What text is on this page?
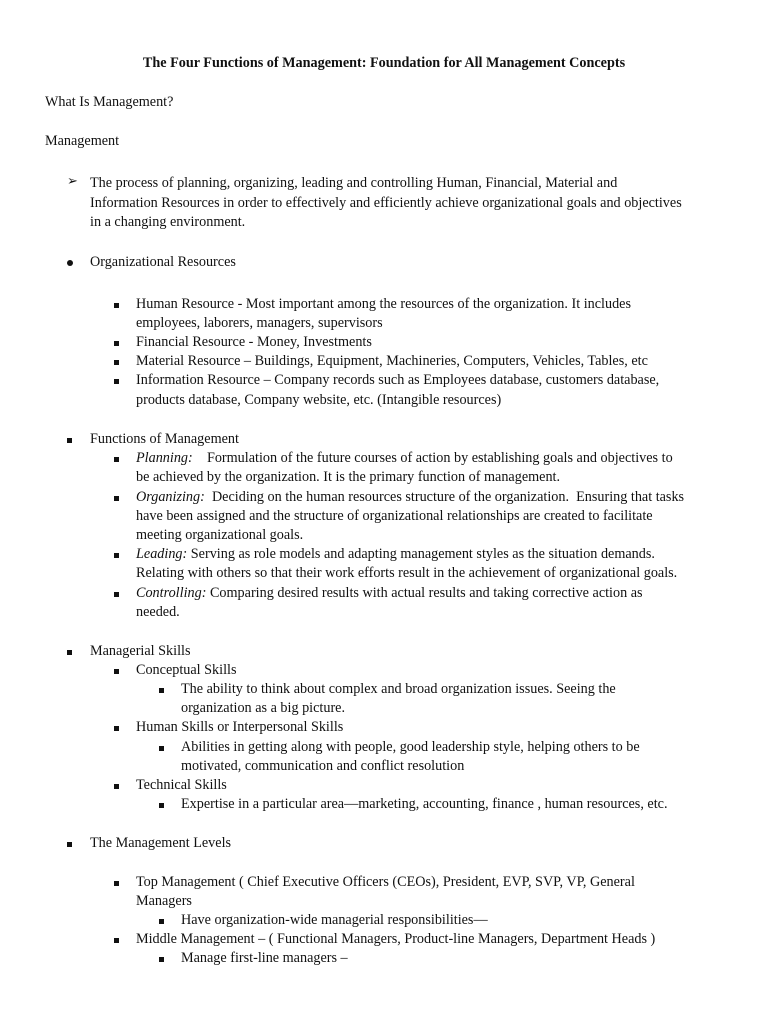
The Four Functions of Management: Foundation for All Management Concepts
What Is Management?
Management
➢ The process of planning, organizing, leading and controlling Human, Financial, Material and
Information Resources in order to effectively and efficiently achieve organizational goals and objectives
in a changing environment.
Organizational Resources
Human Resource - Most important among the resources of the organization. It includes
employees, laborers, managers, supervisors
Financial Resource - Money, Investments
Material Resource – Buildings, Equipment, Machineries, Computers, Vehicles, Tables, etc
Information Resource – Company records such as Employees database, customers database,
products database, Company website, etc. (Intangible resources)
Functions of Management
Planning:    Formulation of the future courses of action by establishing goals and objectives to
be achieved by the organization. It is the primary function of management.
Organizing:  Deciding on the human resources structure of the organization.  Ensuring that tasks
have been assigned and the structure of organizational relationships are created to facilitate
meeting organizational goals.
Leading: Serving as role models and adapting management styles as the situation demands.
Relating with others so that their work efforts result in the achievement of organizational goals.
Controlling: Comparing desired results with actual results and taking corrective action as
needed.
Managerial Skills
Conceptual Skills
The ability to think about complex and broad organization issues. Seeing the
organization as a big picture.
Human Skills or Interpersonal Skills
Abilities in getting along with people, good leadership style, helping others to be
motivated, communication and conflict resolution
Technical Skills
Expertise in a particular area—marketing, accounting, finance , human resources, etc.
The Management Levels
Top Management ( Chief Executive Officers (CEOs), President, EVP, SVP, VP, General
Managers
Have organization-wide managerial responsibilities—
Middle Management – ( Functional Managers, Product-line Managers, Department Heads )
Manage first-line managers –
